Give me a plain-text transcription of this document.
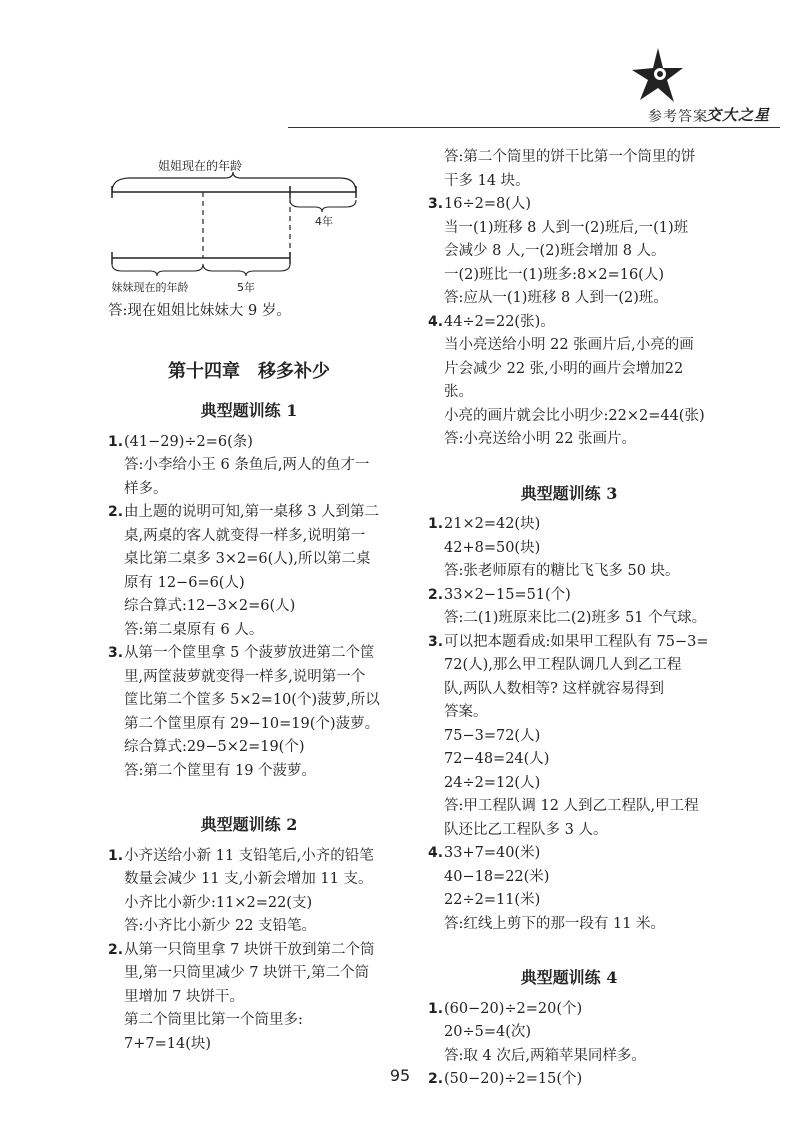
参考答案
交大之星
姐姐现在的年龄
4年
妹妹现在的年龄	5年

答:现在姐姐比妹妹大 9 岁。

第十四章　移多补少

典型题训练 1

1. (41−29)÷2=6(条)
答:小李给小王 6 条鱼后,两人的鱼才一
样多。
2. 由上题的说明可知,第一桌移 3 人到第二
桌,两桌的客人就变得一样多,说明第一
桌比第二桌多 3×2=6(人),所以第二桌
原有 12−6=6(人)
综合算式:12−3×2=6(人)
答:第二桌原有 6 人。
3. 从第一个筐里拿 5 个菠萝放进第二个筐
里,两筐菠萝就变得一样多,说明第一个
筐比第二个筐多 5×2=10(个)菠萝,所以
第二个筐里原有 29−10=19(个)菠萝。
综合算式:29−5×2=19(个)
答:第二个筐里有 19 个菠萝。

典型题训练 2

1. 小齐送给小新 11 支铅笔后,小齐的铅笔
数量会减少 11 支,小新会增加 11 支。
小齐比小新少:11×2=22(支)
答:小齐比小新少 22 支铅笔。
2. 从第一只筒里拿 7 块饼干放到第二个筒
里,第一只筒里减少 7 块饼干,第二个筒
里增加 7 块饼干。
第二个筒里比第一个筒里多:
7+7=14(块)
答:第二个筒里的饼干比第一个筒里的饼
干多 14 块。
3. 16÷2=8(人)
当一(1)班移 8 人到一(2)班后,一(1)班
会减少 8 人,一(2)班会增加 8 人。
一(2)班比一(1)班多:8×2=16(人)
答:应从一(1)班移 8 人到一(2)班。
4. 44÷2=22(张)。
当小亮送给小明 22 张画片后,小亮的画
片会减少 22 张,小明的画片会增加22 张。
小亮的画片就会比小明少:22×2=44(张)
答:小亮送给小明 22 张画片。

典型题训练 3

1. 21×2=42(块)
42+8=50(块)
答:张老师原有的糖比飞飞多 50 块。
2. 33×2−15=51(个)
答:二(1)班原来比二(2)班多 51 个气球。
3. 可以把本题看成:如果甲工程队有 75−3=
72(人),那么甲工程队调几人到乙工程
队,两队人数相等? 这样就容易得到
答案。
75−3=72(人)
72−48=24(人)
24÷2=12(人)
答:甲工程队调 12 人到乙工程队,甲工程
队还比乙工程队多 3 人。
4. 33+7=40(米)
40−18=22(米)
22÷2=11(米)
答:红线上剪下的那一段有 11 米。

典型题训练 4

1. (60−20)÷2=20(个)
20÷5=4(次)
答:取 4 次后,两箱苹果同样多。
2. (50−20)÷2=15(个)
95
